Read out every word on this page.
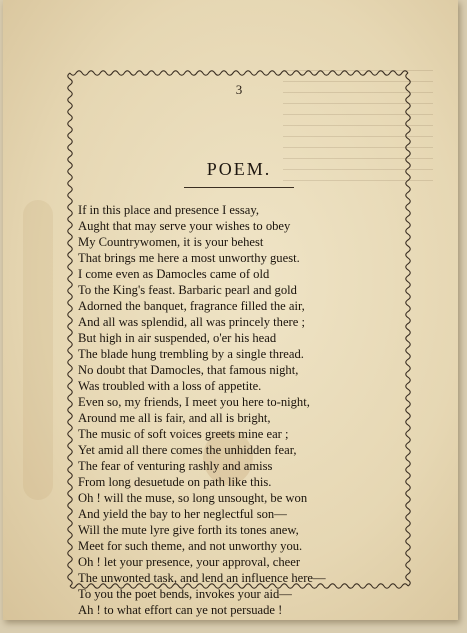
3
POEM.
If in this place and presence I essay,
Aught that may serve your wishes to obey
My Countrywomen, it is your behest
That brings me here a most unworthy guest.
I come even as Damocles came of old
To the King's feast. Barbaric pearl and gold
Adorned the banquet, fragrance filled the air,
And all was splendid, all was princely there ;
But high in air suspended, o'er his head
The blade hung trembling by a single thread.
No doubt that Damocles, that famous night,
Was troubled with a loss of appetite.
Even so, my friends, I meet you here to-night,
Around me all is fair, and all is bright,
The music of soft voices greets mine ear ;
Yet amid all there comes the unhidden fear,
The fear of venturing rashly and amiss
From long desuetude on path like this.
Oh ! will the muse, so long unsought, be won
And yield the bay to her neglectful son—
Will the mute lyre give forth its tones anew,
Meet for such theme, and not unworthy you.
Oh ! let your presence, your approval, cheer
The unwonted task, and lend an influence here—
To you the poet bends, invokes your aid—
Ah ! to what effort can ye not persuade !
